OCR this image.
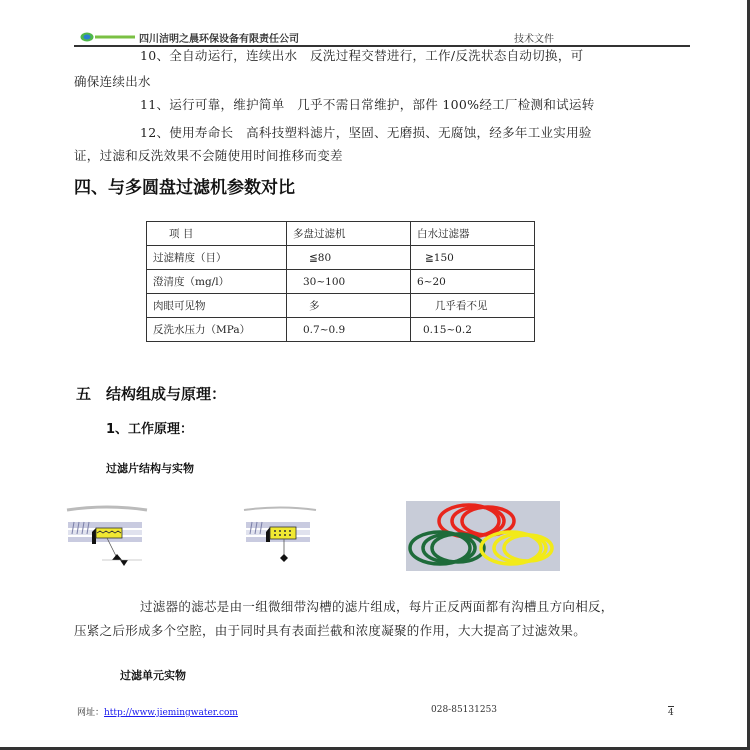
四川洁明之晨环保设备有限责任公司	技术文件
10、全自动运行，连续出水　反洗过程交替进行，工作/反洗状态自动切换，可
确保连续出水
11、运行可靠，维护简单　几乎不需日常维护，部件 100%经工厂检测和试运转
12、使用寿命长　高科技塑料滤片，坚固、无磨损、无腐蚀，经多年工业实用验
证，过滤和反洗效果不会随使用时间推移而变差
四、与多圆盘过滤机参数对比
项 目	多盘过滤机	白水过滤器
过滤精度（目）	≦80	≧150
澄清度（mg/l）	30~100	6~20
肉眼可见物	多	几乎看不见
反洗水压力（MPa）	0.7~0.9	0.15~0.2
五　结构组成与原理：
1、工作原理：
过滤片结构与实物
过滤器的滤芯是由一组微细带沟槽的滤片组成，每片正反两面都有沟槽且方向相反，
压紧之后形成多个空腔，由于同时具有表面拦截和浓度凝聚的作用，大大提高了过滤效果。
过滤单元实物
网址：http://www.jiemingwater.com	028-85131253	4
